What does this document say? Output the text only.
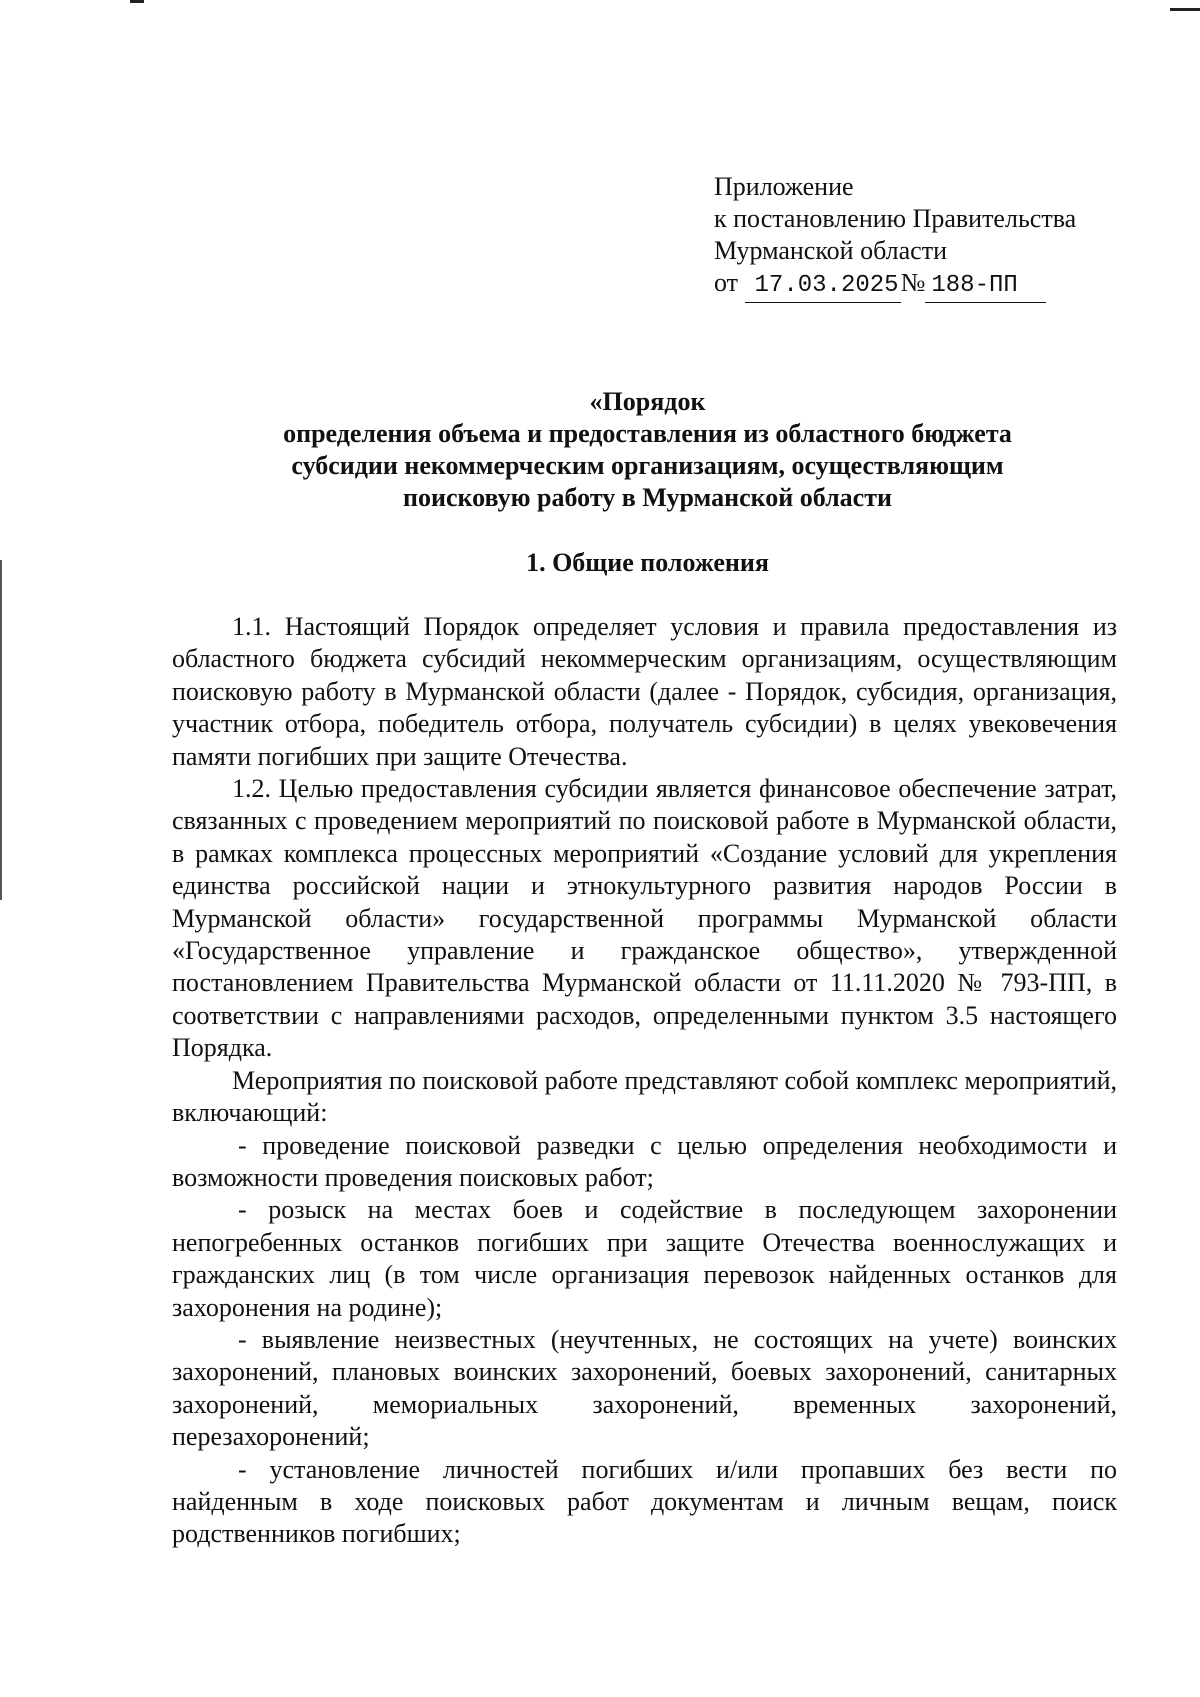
Приложение
к постановлению Правительства
Мурманской области
от 17.03.2025№ 188-ПП
«Порядок
определения объема и предоставления из областного бюджета
субсидии некоммерческим организациям, осуществляющим
поисковую работу в Мурманской области
1. Общие положения

1.1. Настоящий Порядок определяет условия и правила предоставления из областного бюджета субсидий некоммерческим организациям, осуществляющим поисковую работу в Мурманской области (далее - Порядок, субсидия, организация, участник отбора, победитель отбора, получатель субсидии) в целях увековечения памяти погибших при защите Отечества.

1.2. Целью предоставления субсидии является финансовое обеспечение затрат, связанных с проведением мероприятий по поисковой работе в Мурманской области, в рамках комплекса процессных мероприятий «Создание условий для укрепления единства российской нации и этнокультурного развития народов России в Мурманской области» государственной программы Мурманской области «Государственное управление и гражданское общество», утвержденной постановлением Правительства Мурманской области от 11.11.2020 № 793-ПП, в соответствии с направлениями расходов, определенными пунктом 3.5 настоящего Порядка.

Мероприятия по поисковой работе представляют собой комплекс мероприятий, включающий:

- проведение поисковой разведки с целью определения необходимости и возможности проведения поисковых работ;

- розыск на местах боев и содействие в последующем захоронении непогребенных останков погибших при защите Отечества военнослужащих и гражданских лиц (в том числе организация перевозок найденных останков для захоронения на родине);

- выявление неизвестных (неучтенных, не состоящих на учете) воинских захоронений, плановых воинских захоронений, боевых захоронений, санитарных захоронений, мемориальных захоронений, временных захоронений, перезахоронений;

- установление личностей погибших и/или пропавших без вести по найденным в ходе поисковых работ документам и личным вещам, поиск родственников погибших;
